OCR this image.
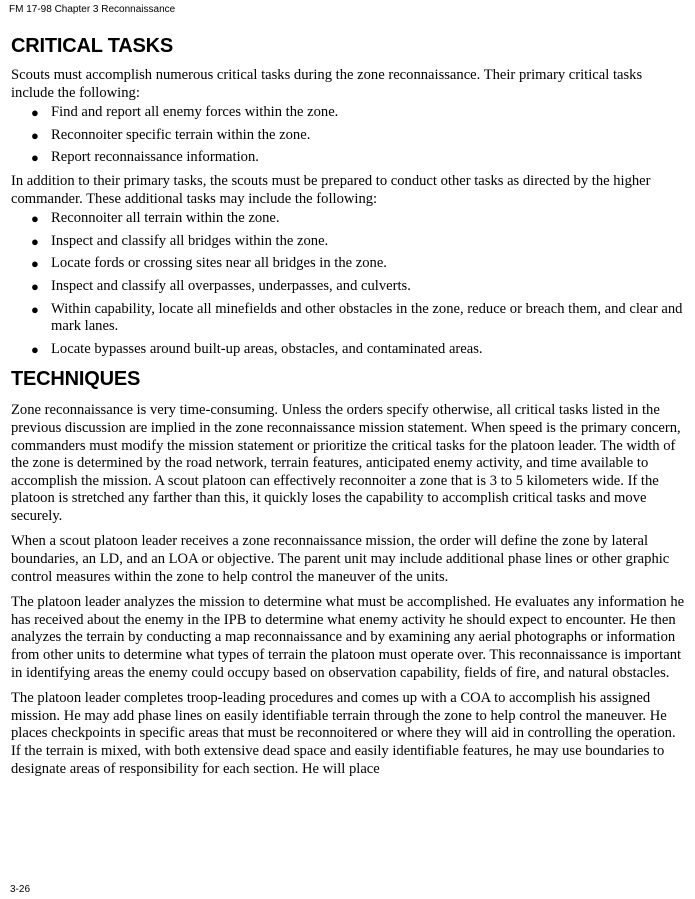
FM 17-98 Chapter 3 Reconnaissance
CRITICAL TASKS

Scouts must accomplish numerous critical tasks during the zone reconnaissance. Their primary critical tasks include the following:

● Find and report all enemy forces within the zone.
● Reconnoiter specific terrain within the zone.
● Report reconnaissance information.

In addition to their primary tasks, the scouts must be prepared to conduct other tasks as directed by the higher commander. These additional tasks may include the following:

● Reconnoiter all terrain within the zone.
● Inspect and classify all bridges within the zone.
● Locate fords or crossing sites near all bridges in the zone.
● Inspect and classify all overpasses, underpasses, and culverts.
● Within capability, locate all minefields and other obstacles in the zone, reduce or breach them, and clear and mark lanes.
● Locate bypasses around built-up areas, obstacles, and contaminated areas.
TECHNIQUES

Zone reconnaissance is very time-consuming. Unless the orders specify otherwise, all critical tasks listed in the previous discussion are implied in the zone reconnaissance mission statement. When speed is the primary concern, commanders must modify the mission statement or prioritize the critical tasks for the platoon leader. The width of the zone is determined by the road network, terrain features, anticipated enemy activity, and time available to accomplish the mission. A scout platoon can effectively reconnoiter a zone that is 3 to 5 kilometers wide. If the platoon is stretched any farther than this, it quickly loses the capability to accomplish critical tasks and move securely.

When a scout platoon leader receives a zone reconnaissance mission, the order will define the zone by lateral boundaries, an LD, and an LOA or objective. The parent unit may include additional phase lines or other graphic control measures within the zone to help control the maneuver of the units.

The platoon leader analyzes the mission to determine what must be accomplished. He evaluates any information he has received about the enemy in the IPB to determine what enemy activity he should expect to encounter. He then analyzes the terrain by conducting a map reconnaissance and by examining any aerial photographs or information from other units to determine what types of terrain the platoon must operate over. This reconnaissance is important in identifying areas the enemy could occupy based on observation capability, fields of fire, and natural obstacles.

The platoon leader completes troop-leading procedures and comes up with a COA to accomplish his assigned mission. He may add phase lines on easily identifiable terrain through the zone to help control the maneuver. He places checkpoints in specific areas that must be reconnoitered or where they will aid in controlling the operation. If the terrain is mixed, with both extensive dead space and easily identifiable features, he may use boundaries to designate areas of responsibility for each section. He will place

3-26
